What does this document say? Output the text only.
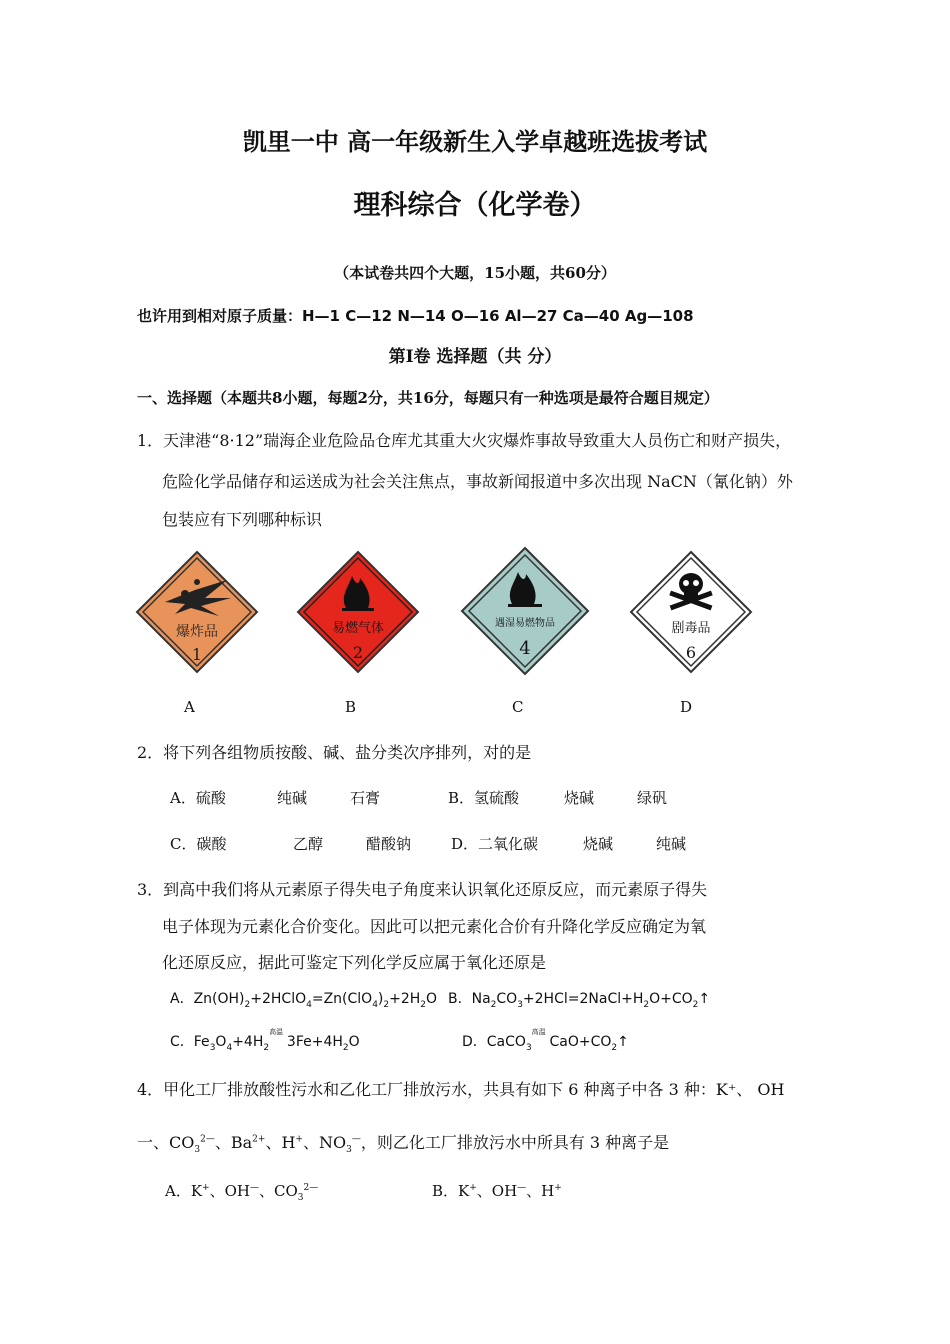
凯里一中 高一年级新生入学卓越班选拔考试
理科综合（化学卷）
（本试卷共四个大题，15小题，共60分）
也许用到相对原子质量：H—1 C—12 N—14 O—16 Al—27 Ca—40 Ag—108
第Ⅰ卷 选择题（共 分）
一、选择题（本题共8小题，每题2分，共16分，每题只有一种选项是最符合题目规定）
1．天津港“8·12”瑞海企业危险品仓库尤其重大火灾爆炸事故导致重大人员伤亡和财产损失，
危险化学品储存和运送成为社会关注焦点，事故新闻报道中多次出现 NaCN（氰化钠）外
包装应有下列哪种标识
爆炸品
1
易燃气体
2
遇湿易燃物品
4
剧毒品
6
A	B	C	D
2．将下列各组物质按酸、碱、盐分类次序排列，对的是
A．硫酸	纯碱	石膏	B．氢硫酸	烧碱	绿矾
C．碳酸	乙醇	醋酸钠	D．二氧化碳	烧碱	纯碱
3．到高中我们将从元素原子得失电子角度来认识氧化还原反应，而元素原子得失
电子体现为元素化合价变化。因此可以把元素化合价有升降化学反应确定为氧
化还原反应，据此可鉴定下列化学反应属于氧化还原是
A．$Zn(OH)_2+2HClO_4=Zn(ClO_4)_2+2H_2O$ B．$Na_2CO_3+2HCl=2NaCl+H_2O+CO_2↑$
C．$Fe_3O_4+4H_2$
高温
$3Fe+4H_2O$	D．CaCO$_3$
高温
$CaO+CO_2↑$
4．甲化工厂排放酸性污水和乙化工厂排放污水，共具有如下 6 种离子中各 3 种：K⁺、 OH
一、$CO_3^{2—}$、$Ba^{2+}$、H+、$NO_3^—$，则乙化工厂排放污水中所具有 3 种离子是
A．K+、OH—、$CO_3^{2—}$	B．K+、OH—、H+
